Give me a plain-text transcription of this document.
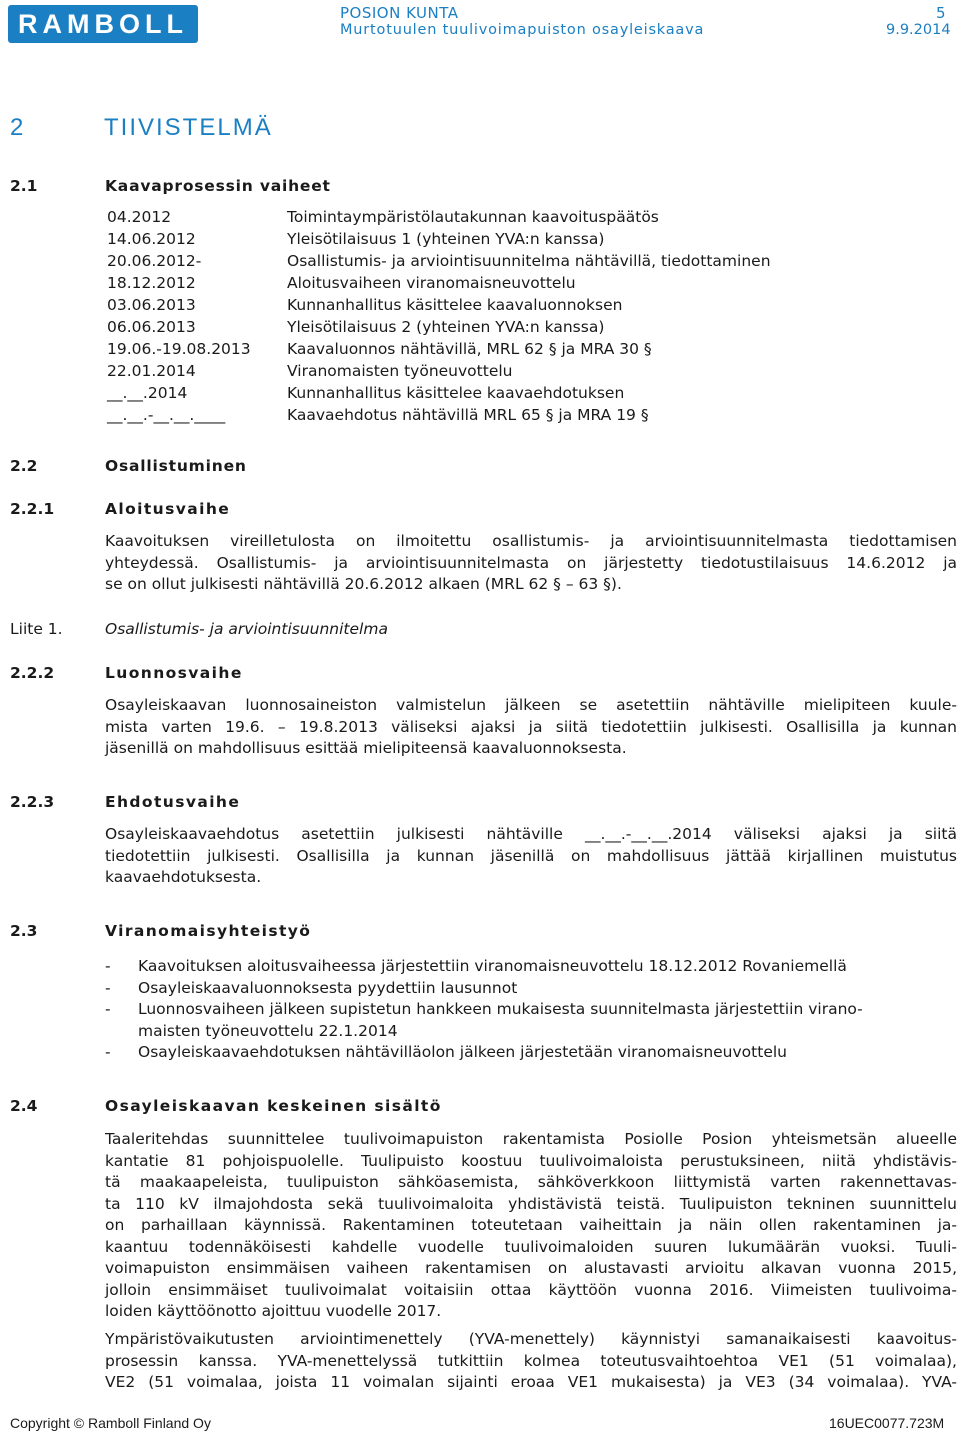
RAMBOLL	POSION KUNTA
Murtotuulen tuulivoimapuiston osayleiskaava
5
9.9.2014
2	TIIVISTELMÄ
2.1	Kaavaprosessin vaiheet
04.2012	Toimintaympäristölautakunnan kaavoituspäätös
14.06.2012	Yleisötilaisuus 1 (yhteinen YVA:n kanssa)
20.06.2012-	Osallistumis- ja arviointisuunnitelma nähtävillä, tiedottaminen
18.12.2012	Aloitusvaiheen viranomaisneuvottelu
03.06.2013	Kunnanhallitus käsittelee kaavaluonnoksen
06.06.2013	Yleisötilaisuus 2 (yhteinen YVA:n kanssa)
19.06.-19.08.2013 Kaavaluonnos nähtävillä, MRL 62 § ja MRA 30 §
22.01.2014	Viranomaisten työneuvottelu
__.__.2014	Kunnanhallitus käsittelee kaavaehdotuksen
__.__.-__.__.____	Kaavaehdotus nähtävillä MRL 65 § ja MRA 19 §
2.2	Osallistuminen
2.2.1	Aloitusvaihe
Kaavoituksen vireilletulosta on ilmoitettu osallistumis- ja arviointisuunnitelmasta tiedottamisen
yhteydessä. Osallistumis- ja arviointisuunnitelmasta on järjestetty tiedotustilaisuus 14.6.2012 ja
se on ollut julkisesti nähtävillä 20.6.2012 alkaen (MRL 62 § – 63 §).
Liite 1.	Osallistumis- ja arviointisuunnitelma
2.2.2	Luonnosvaihe
Osayleiskaavan luonnosaineiston valmistelun jälkeen se asetettiin nähtäville mielipiteen kuule-
mista varten 19.6. – 19.8.2013 väliseksi ajaksi ja siitä tiedotettiin julkisesti. Osallisilla ja kunnan
jäsenillä on mahdollisuus esittää mielipiteensä kaavaluonnoksesta.
2.2.3	Ehdotusvaihe
Osayleiskaavaehdotus asetettiin julkisesti nähtäville __.__.-__.__.2014 väliseksi ajaksi ja siitä
tiedotettiin julkisesti. Osallisilla ja kunnan jäsenillä on mahdollisuus jättää kirjallinen muistutus
kaavaehdotuksesta.
2.3	Viranomaisyhteistyö
- Kaavoituksen aloitusvaiheessa järjestettiin viranomaisneuvottelu 18.12.2012 Rovaniemellä
- Osayleiskaavaluonnoksesta pyydettiin lausunnot
- Luonnosvaiheen jälkeen supistetun hankkeen mukaisesta suunnitelmasta järjestettiin virano-
maisten työneuvottelu 22.1.2014
- Osayleiskaavaehdotuksen nähtävilläolon jälkeen järjestetään viranomaisneuvottelu
2.4	Osayleiskaavan keskeinen sisältö
Taaleritehdas suunnittelee tuulivoimapuiston rakentamista Posiolle Posion yhteismetsän alueelle
kantatie 81 pohjoispuolelle. Tuulipuisto koostuu tuulivoimaloista perustuksineen, niitä yhdistävis-
tä maakaapeleista, tuulipuiston sähköasemista, sähköverkkoon liittymistä varten rakennettavas-
ta 110 kV ilmajohdosta sekä tuulivoimaloita yhdistävistä teistä. Tuulipuiston tekninen suunnittelu
on parhaillaan käynnissä. Rakentaminen toteutetaan vaiheittain ja näin ollen rakentaminen ja-
kaantuu todennäköisesti kahdelle vuodelle tuulivoimaloiden suuren lukumäärän vuoksi. Tuuli-
voimapuiston ensimmäisen vaiheen rakentamisen on alustavasti arvioitu alkavan vuonna 2015,
jolloin ensimmäiset tuulivoimalat voitaisiin ottaa käyttöön vuonna 2016. Viimeisten tuulivoima-
loiden käyttöönotto ajoittuu vuodelle 2017.
Ympäristövaikutusten arviointimenettely (YVA-menettely) käynnistyi samanaikaisesti kaavoitus-
prosessin kanssa. YVA-menettelyssä tutkittiin kolmea toteutusvaihtoehtoa VE1 (51 voimalaa),
VE2 (51 voimalaa, joista 11 voimalan sijainti eroaa VE1 mukaisesta) ja VE3 (34 voimalaa). YVA-
Copyright © Ramboll Finland Oy	16UEC0077.723M
